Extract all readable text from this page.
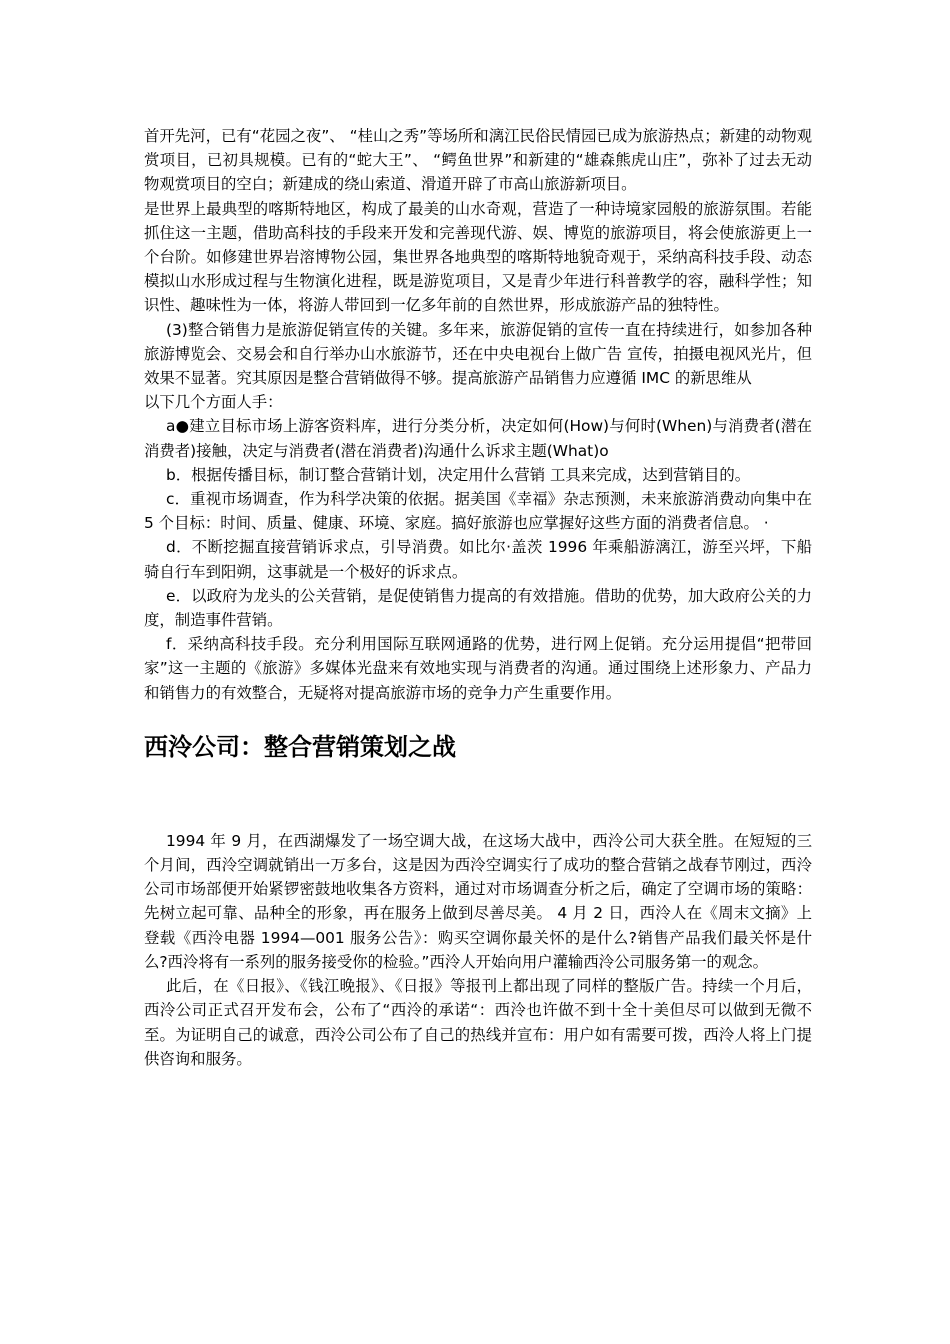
首开先河，已有“花园之夜”、 “桂山之秀”等场所和漓江民俗民情园已成为旅游热点；新建的动物观赏项目，已初具规模。已有的“蛇大王”、 “鳄鱼世界”和新建的“雄森熊虎山庄”，弥补了过去无动物观赏项目的空白；新建成的绕山索道、滑道开辟了市高山旅游新项目。

是世界上最典型的喀斯特地区，构成了最美的山水奇观，营造了一种诗境家园般的旅游氛围。若能抓住这一主题，借助高科技的手段来开发和完善现代游、娱、博览的旅游项目，将会使旅游更上一个台阶。如修建世界岩溶博物公园，集世界各地典型的喀斯特地貌奇观于，采纳高科技手段、动态模拟山水形成过程与生物演化进程，既是游览项目，又是青少年进行科普教学的容，融科学性；知识性、趣味性为一体，将游人带回到一亿多年前的自然世界，形成旅游产品的独特性。

(3)整合销售力是旅游促销宣传的关键。多年来，旅游促销的宣传一直在持续进行，如参加各种旅游博览会、交易会和自行举办山水旅游节，还在中央电视台上做广告 宣传，拍摄电视风光片，但效果不显著。究其原因是整合营销做得不够。提高旅游产品销售力应遵循 IMC 的新思维从

以下几个方面人手：

a●建立目标市场上游客资料库，进行分类分析，决定如何(How)与何时(When)与消费者(潜在消费者)接触，决定与消费者(潜在消费者)沟通什么诉求主题(What)o

b．根据传播目标，制订整合营销计划，决定用什么营销 工具来完成，达到营销目的。

c．重视市场调查，作为科学决策的依据。据美国《幸福》杂志预测，未来旅游消费动向集中在 5 个目标：时间、质量、健康、环境、家庭。搞好旅游也应掌握好这些方面的消费者信息。 ·

d．不断挖掘直接营销诉求点，引导消费。如比尔·盖茨 1996 年乘船游漓江，游至兴坪，下船骑自行车到阳朔，这事就是一个极好的诉求点。

e．以政府为龙头的公关营销，是促使销售力提高的有效措施。借助的优势，加大政府公关的力度，制造事件营销。

f．采纳高科技手段。充分利用国际互联网通路的优势，进行网上促销。充分运用提倡“把带回家”这一主题的《旅游》多媒体光盘来有效地实现与消费者的沟通。通过围绕上述形象力、产品力和销售力的有效整合，无疑将对提高旅游市场的竞争力产生重要作用。

西泠公司：整合营销策划之战

1994 年 9 月，在西湖爆发了一场空调大战，在这场大战中，西泠公司大获全胜。在短短的三个月间，西泠空调就销出一万多台，这是因为西泠空调实行了成功的整合营销之战春节刚过，西泠公司市场部便开始紧锣密鼓地收集各方资料，通过对市场调查分析之后，确定了空调市场的策略：先树立起可靠、品种全的形象，再在服务上做到尽善尽美。 4 月 2 日，西泠人在《周末文摘》上登载《西泠电器 1994—001 服务公告》：购买空调你最关怀的是什么?销售产品我们最关怀是什么?西泠将有一系列的服务接受你的检验。”西泠人开始向用户灌输西泠公司服务第一的观念。

此后，在《日报》、《钱江晚报》、《日报》等报刊上都出现了同样的整版广告。持续一个月后，西泠公司正式召开发布会，公布了“西泠的承诺“：西泠也许做不到十全十美但尽可以做到无微不至。为证明自己的诚意，西泠公司公布了自己的热线并宣布：用户如有需要可拨，西泠人将上门提供咨询和服务。
